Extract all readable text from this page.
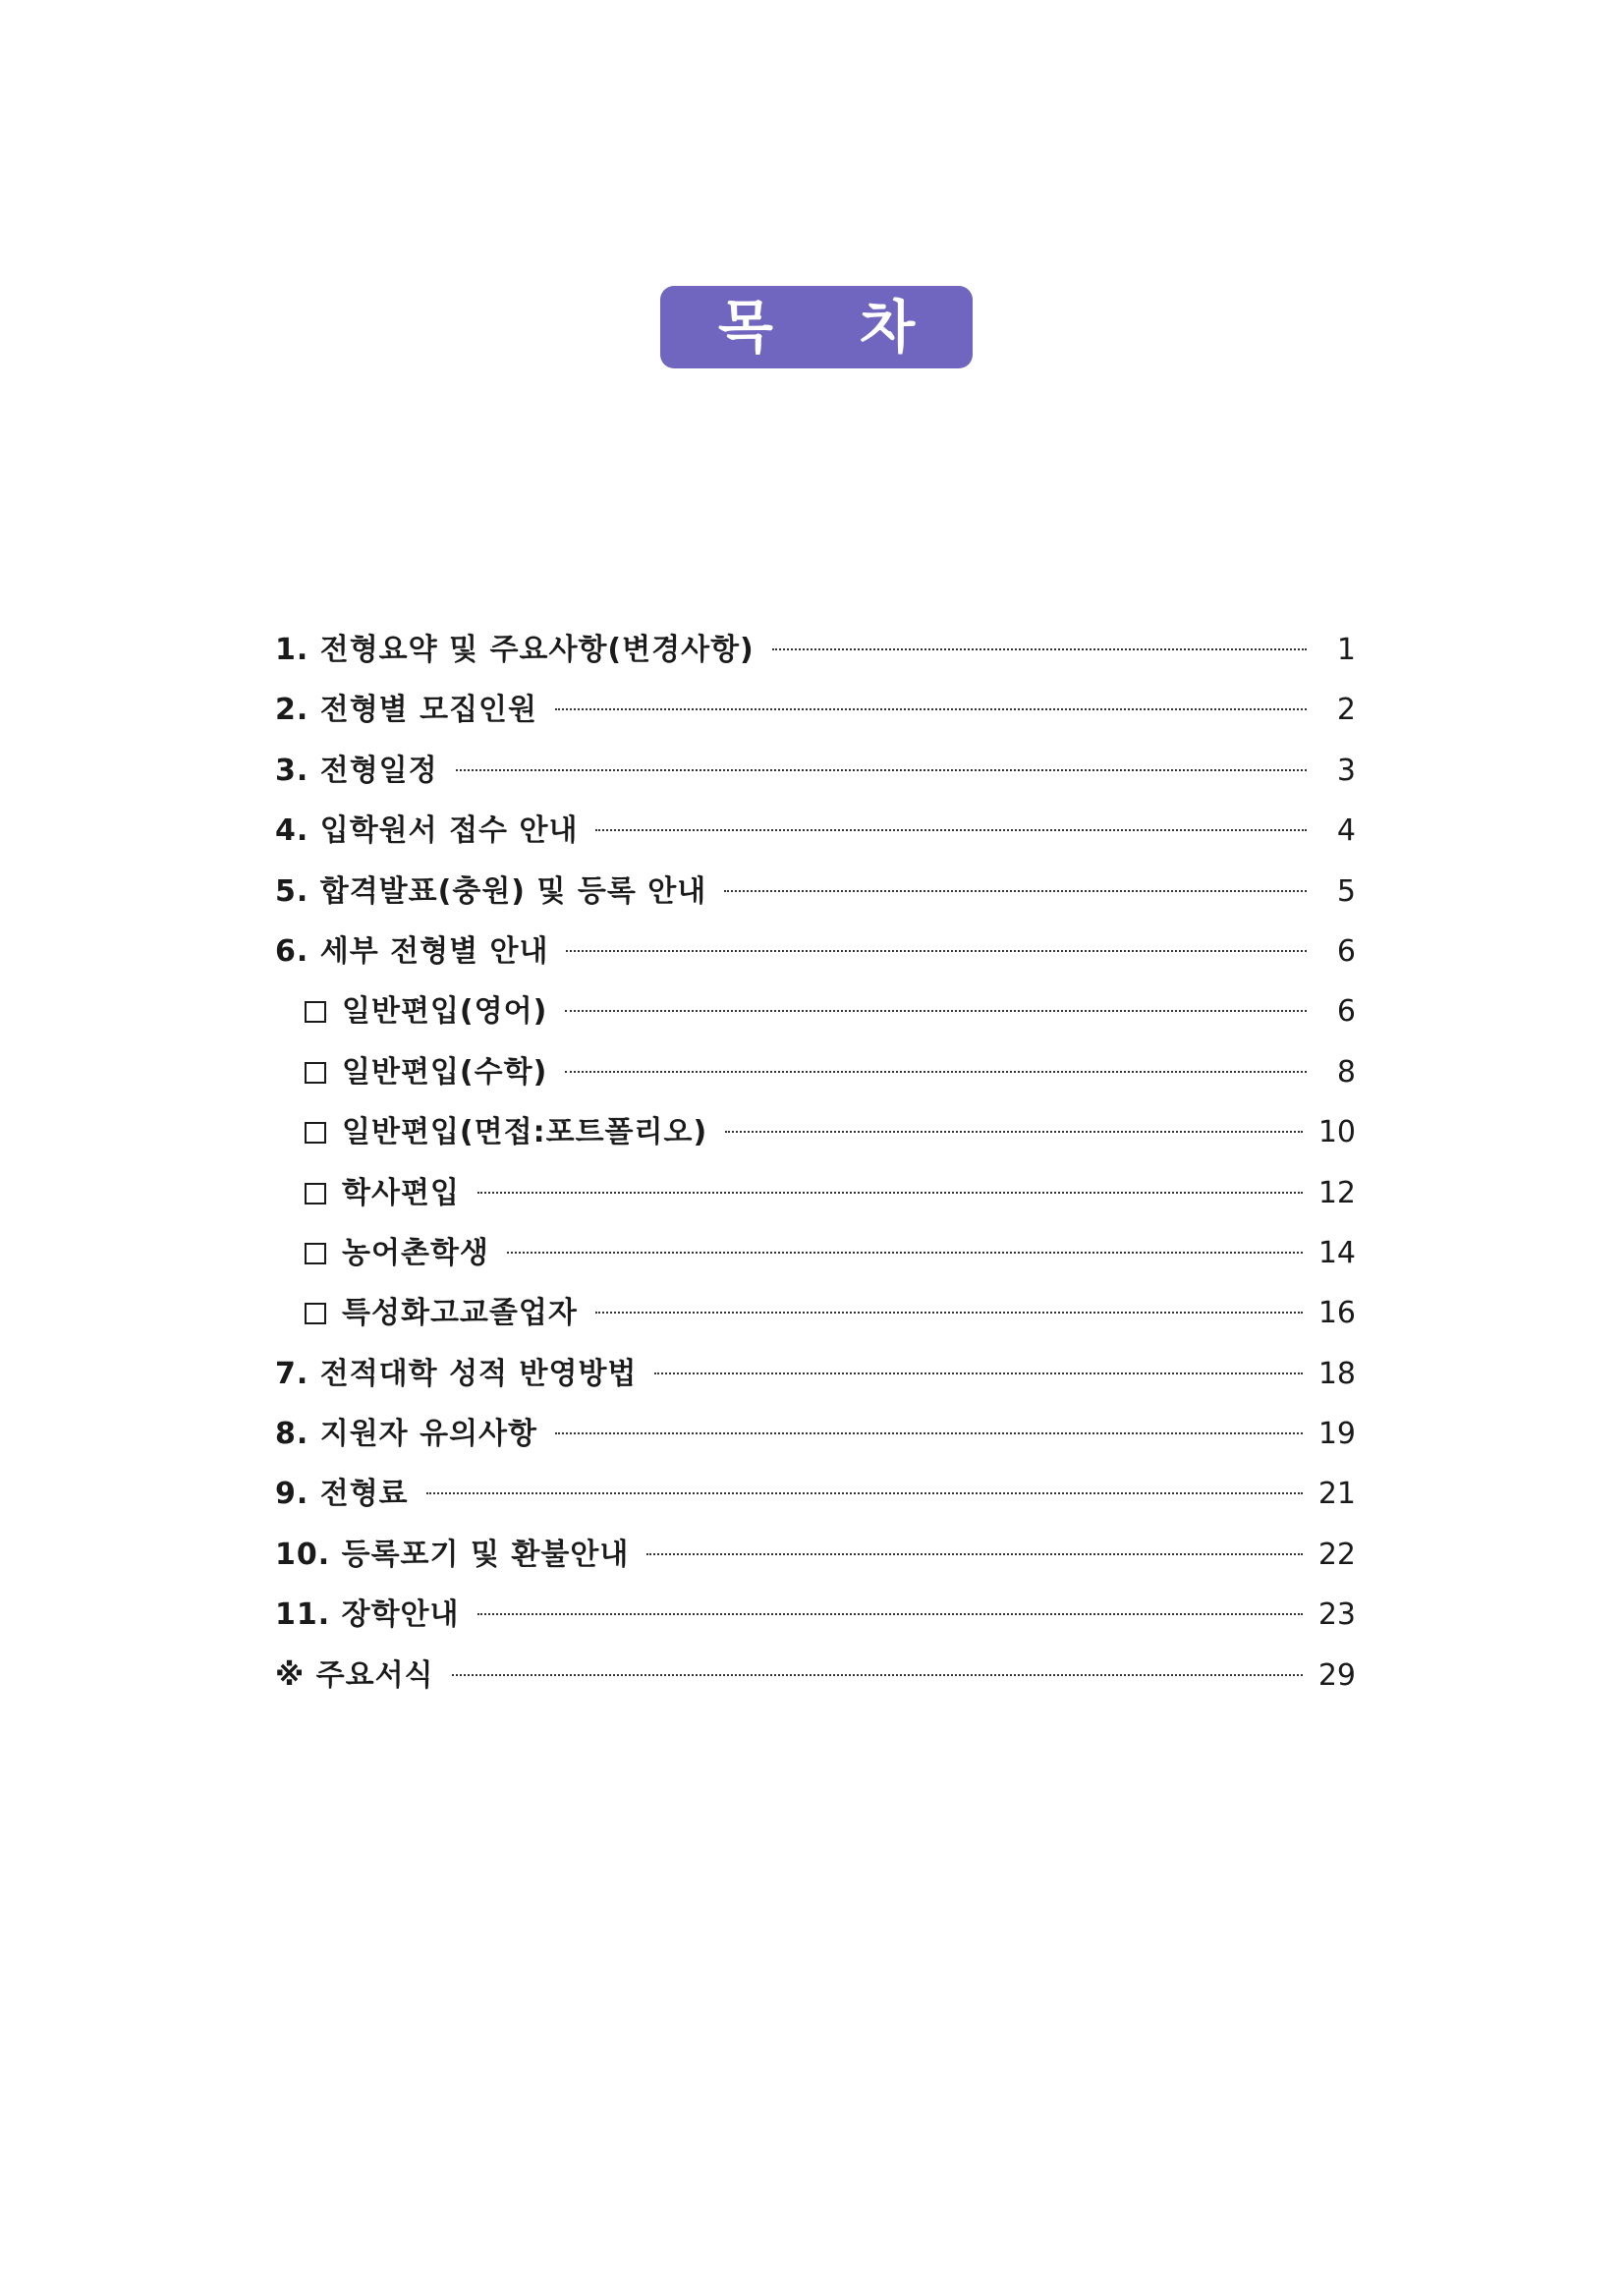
목 차
1. 전형요약 및 주요사항(변경사항)	1
2. 전형별 모집인원	2
3. 전형일정	3
4. 입학원서 접수 안내	4
5. 합격발표(충원) 및 등록 안내	5
6. 세부 전형별 안내	6
일반편입(영어)	6
일반편입(수학)	8
일반편입(면접:포트폴리오)	10
학사편입	12
농어촌학생	14
특성화고교졸업자	16
7. 전적대학 성적 반영방법	18
8. 지원자 유의사항	19
9. 전형료	21
10. 등록포기 및 환불안내	22
11. 장학안내	23
※ 주요서식	29
